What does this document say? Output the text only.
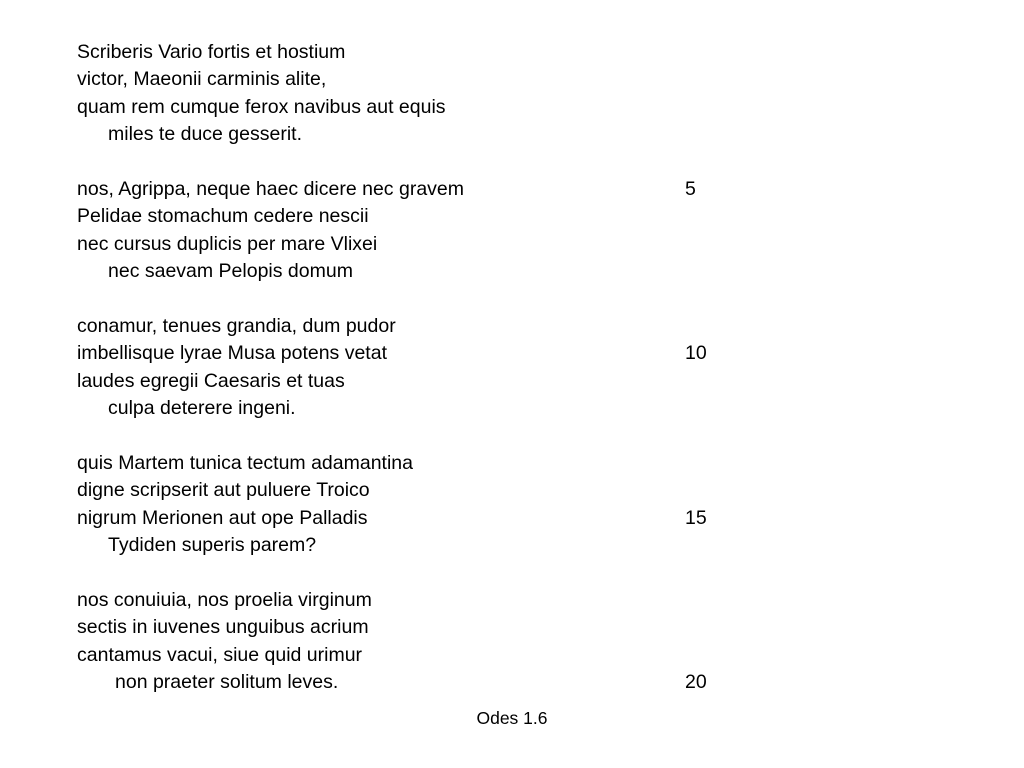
Scriberis Vario fortis et hostium
victor, Maeonii carminis alite,
quam rem cumque ferox navibus aut equis
miles te duce gesserit.
nos, Agrippa, neque haec dicere nec gravem	5
Pelidae stomachum cedere nescii
nec cursus duplicis per mare Vlixei
nec saevam Pelopis domum
conamur, tenues grandia, dum pudor
imbellisque lyrae Musa potens vetat	10
laudes egregii Caesaris et tuas
culpa deterere ingeni.
quis Martem tunica tectum adamantina
digne scripserit aut puluere Troico
nigrum Merionen aut ope Palladis	15
Tydiden superis parem?
nos conuiuia, nos proelia virginum
sectis in iuvenes unguibus acrium
cantamus vacui, siue quid urimur
non praeter solitum leves.	20
Odes 1.6
